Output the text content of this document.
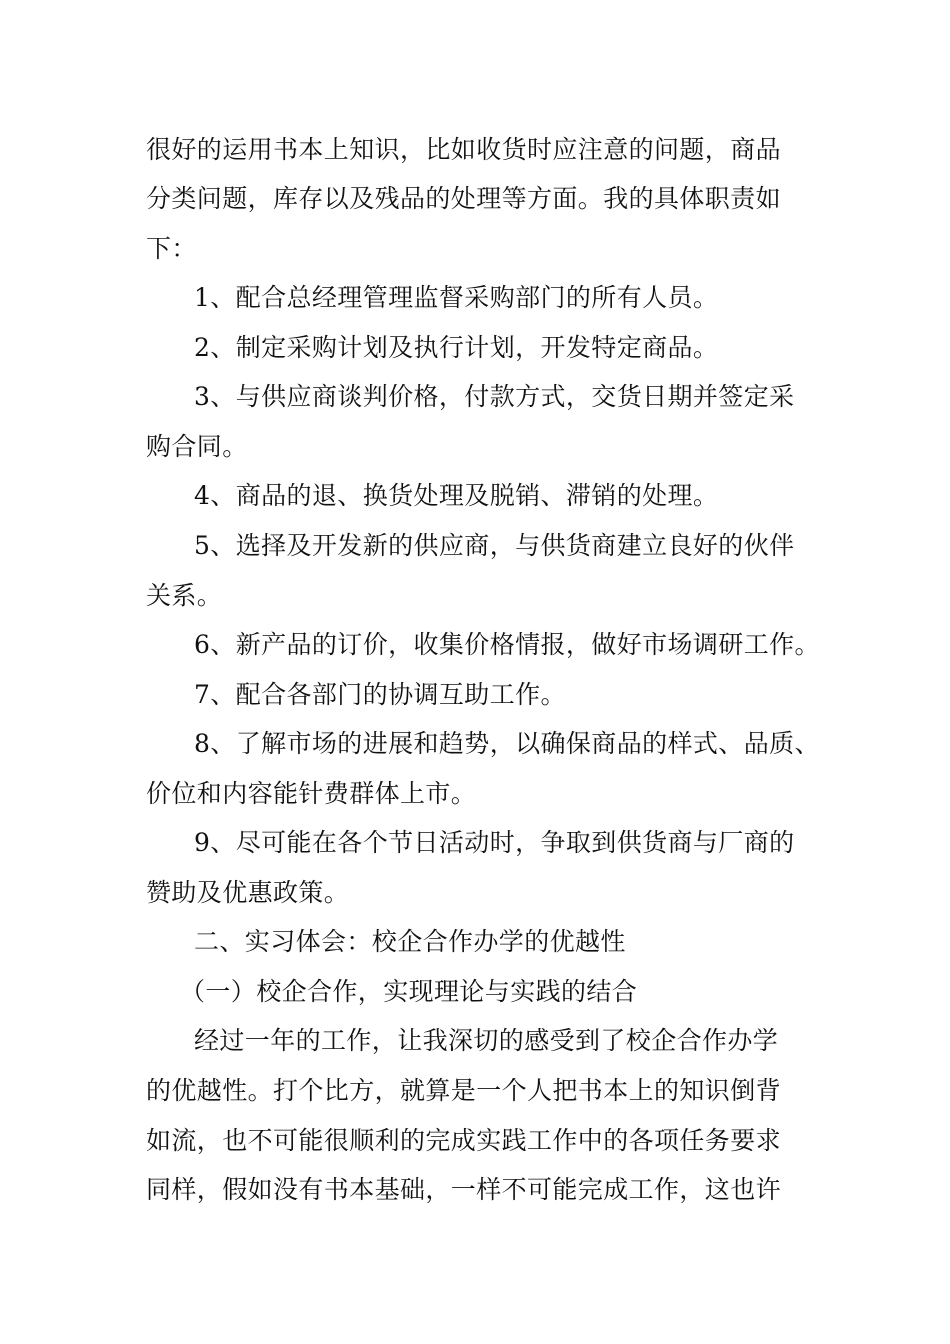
很好的运用书本上知识，比如收货时应注意的问题，商品

分类问题，库存以及残品的处理等方面。我的具体职责如

下：

1、配合总经理管理监督采购部门的所有人员。

2、制定采购计划及执行计划，开发特定商品。

3、与供应商谈判价格，付款方式，交货日期并签定采

购合同。

4、商品的退、换货处理及脱销、滞销的处理。

5、选择及开发新的供应商，与供货商建立良好的伙伴

关系。

6、新产品的订价，收集价格情报，做好市场调研工作。

7、配合各部门的协调互助工作。

8、了解市场的进展和趋势，以确保商品的样式、品质、

价位和内容能针费群体上市。

9、尽可能在各个节日活动时，争取到供货商与厂商的

赞助及优惠政策。

二、实习体会：校企合作办学的优越性

（一）校企合作，实现理论与实践的结合

经过一年的工作，让我深切的感受到了校企合作办学

的优越性。打个比方，就算是一个人把书本上的知识倒背

如流，也不可能很顺利的完成实践工作中的各项任务要求

同样，假如没有书本基础，一样不可能完成工作，这也许
